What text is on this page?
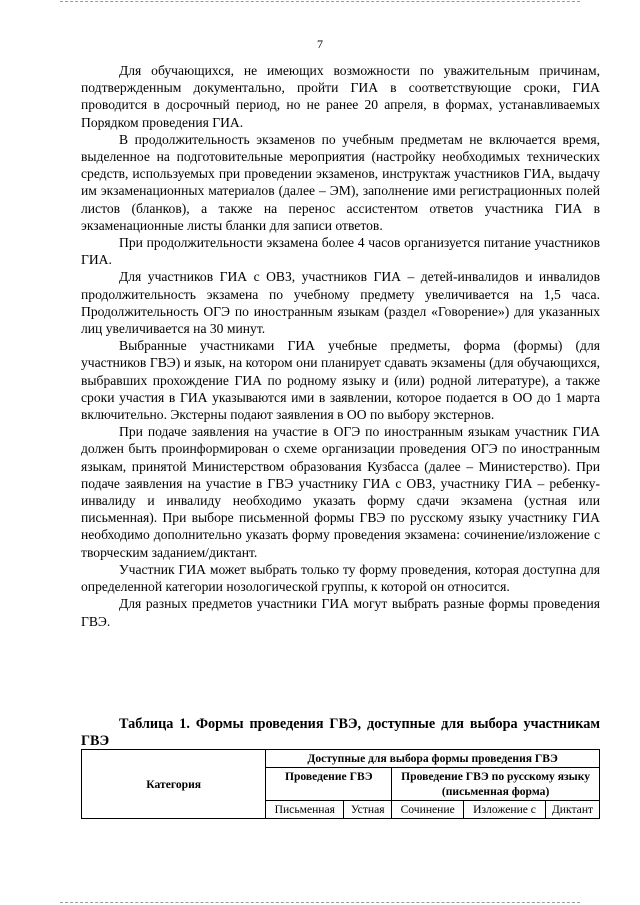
7

Для обучающихся, не имеющих возможности по уважительным причинам, подтвержденным документально, пройти ГИА в соответствующие сроки, ГИА проводится в досрочный период, но не ранее 20 апреля, в формах, устанавливаемых Порядком проведения ГИА.

В продолжительность экзаменов по учебным предметам не включается время, выделенное на подготовительные мероприятия (настройку необходимых технических средств, используемых при проведении экзаменов, инструктаж участников ГИА, выдачу им экзаменационных материалов (далее – ЭМ), заполнение ими регистрационных полей листов (бланков), а также на перенос ассистентом ответов участника ГИА в экзаменационные листы бланки для записи ответов.

При продолжительности экзамена более 4 часов организуется питание участников ГИА.

Для участников ГИА с ОВЗ, участников ГИА – детей-инвалидов и инвалидов продолжительность экзамена по учебному предмету увеличивается на 1,5 часа. Продолжительность ОГЭ по иностранным языкам (раздел «Говорение») для указанных лиц увеличивается на 30 минут.

Выбранные участниками ГИА учебные предметы, форма (формы) (для участников ГВЭ) и язык, на котором они планирует сдавать экзамены (для обучающихся, выбравших прохождение ГИА по родному языку и (или) родной литературе), а также сроки участия в ГИА указываются ими в заявлении, которое подается в ОО до 1 марта включительно. Экстерны подают заявления в ОО по выбору экстернов.

При подаче заявления на участие в ОГЭ по иностранным языкам участник ГИА должен быть проинформирован о схеме организации проведения ОГЭ по иностранным языкам, принятой Министерством образования Кузбасса (далее – Министерство). При подаче заявления на участие в ГВЭ участнику ГИА с ОВЗ, участнику ГИА – ребенку-инвалиду и инвалиду необходимо указать форму сдачи экзамена (устная или письменная). При выборе письменной формы ГВЭ по русскому языку участнику ГИА необходимо дополнительно указать форму проведения экзамена: сочинение/изложение с творческим заданием/диктант.

Участник ГИА может выбрать только ту форму проведения, которая доступна для определенной категории нозологической группы, к которой он относится.

Для разных предметов участники ГИА могут выбрать разные формы проведения ГВЭ.

Таблица 1. Формы проведения ГВЭ, доступные для выбора участникам ГВЭ
Категория	Доступные для выбора формы проведения ГВЭ				
	Проведение ГВЭ		Проведение ГВЭ по русскому языку (письменная форма)		
	Письменная	Устная	Сочинение	Изложение с	Диктант
